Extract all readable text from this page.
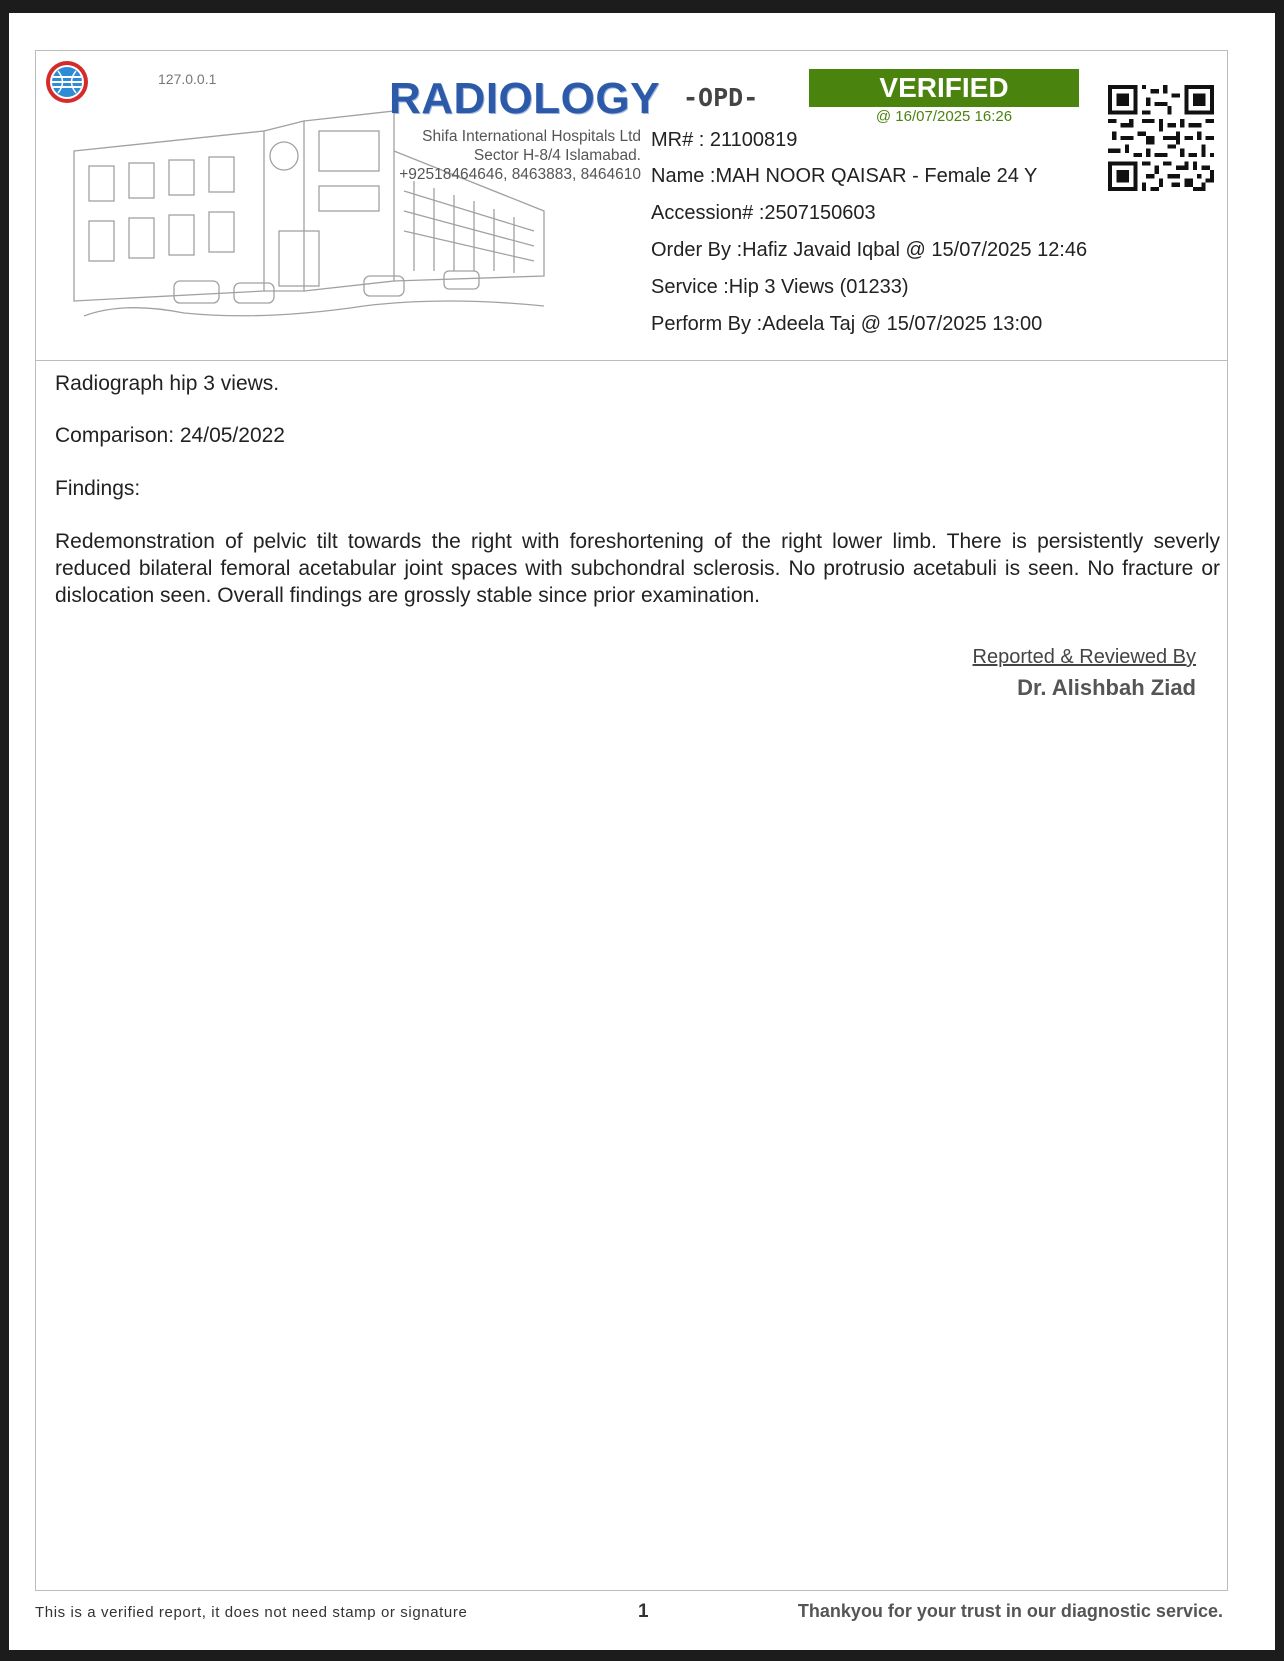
127.0.0.1	RADIOLOGY
Shifa International Hospitals Ltd
Sector H-8/4 Islamabad.
+92518464646, 8463883, 8464610
-OPD-	VERIFIED
@ 16/07/2025 16:26
MR# : 21100819
Name :MAH NOOR QAISAR - Female 24 Y
Accession# :2507150603
Order By :Hafiz Javaid Iqbal @ 15/07/2025 12:46
Service :Hip 3 Views (01233)
Perform By :Adeela Taj @ 15/07/2025 13:00
Radiograph hip 3 views.
Comparison: 24/05/2022
Findings:
Redemonstration of pelvic tilt towards the right with foreshortening of the right lower limb. There is persistently severly reduced bilateral femoral acetabular joint spaces with subchondral sclerosis. No protrusio acetabuli is seen. No fracture or dislocation seen. Overall findings are grossly stable since prior examination.
Reported & Reviewed By
Dr. Alishbah Ziad
This is a verified report, it does not need stamp or signature	1	Thankyou for your trust in our diagnostic service.
